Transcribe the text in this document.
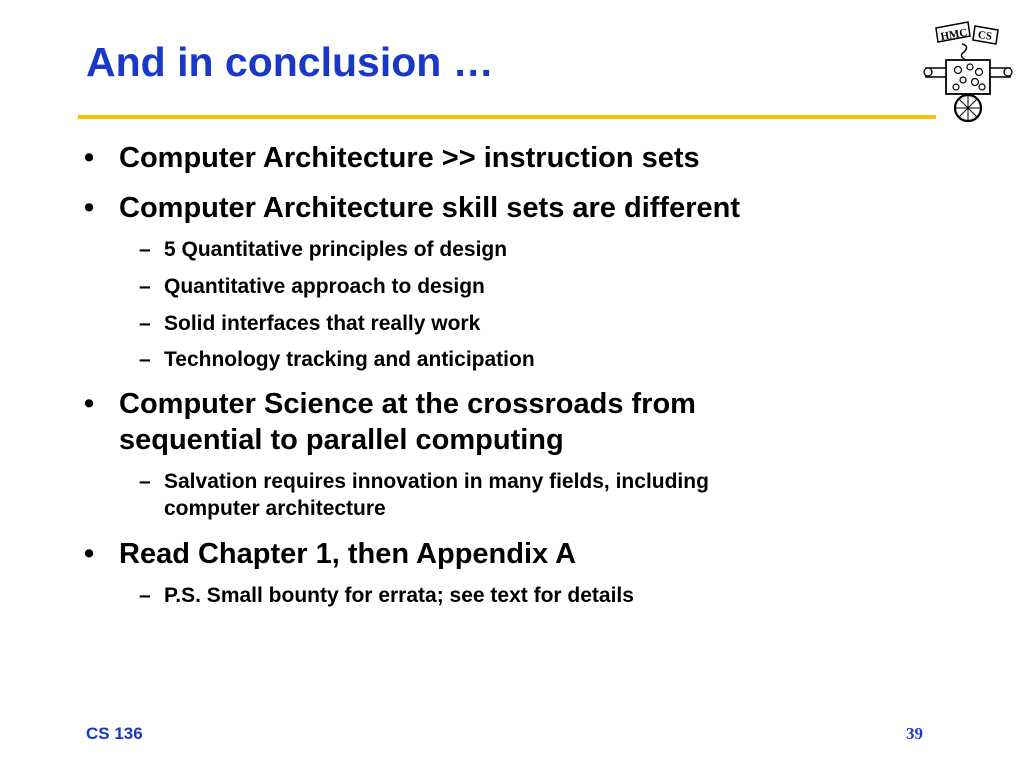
And in conclusion …
HMC CS
• Computer Architecture >> instruction sets
• Computer Architecture skill sets are different
– 5 Quantitative principles of design
– Quantitative approach to design
– Solid interfaces that really work
– Technology tracking and anticipation
• Computer Science at the crossroads from
sequential to parallel computing
– Salvation requires innovation in many fields, including
computer architecture
• Read Chapter 1, then Appendix A
– P.S. Small bounty for errata; see text for details
CS 136	39
